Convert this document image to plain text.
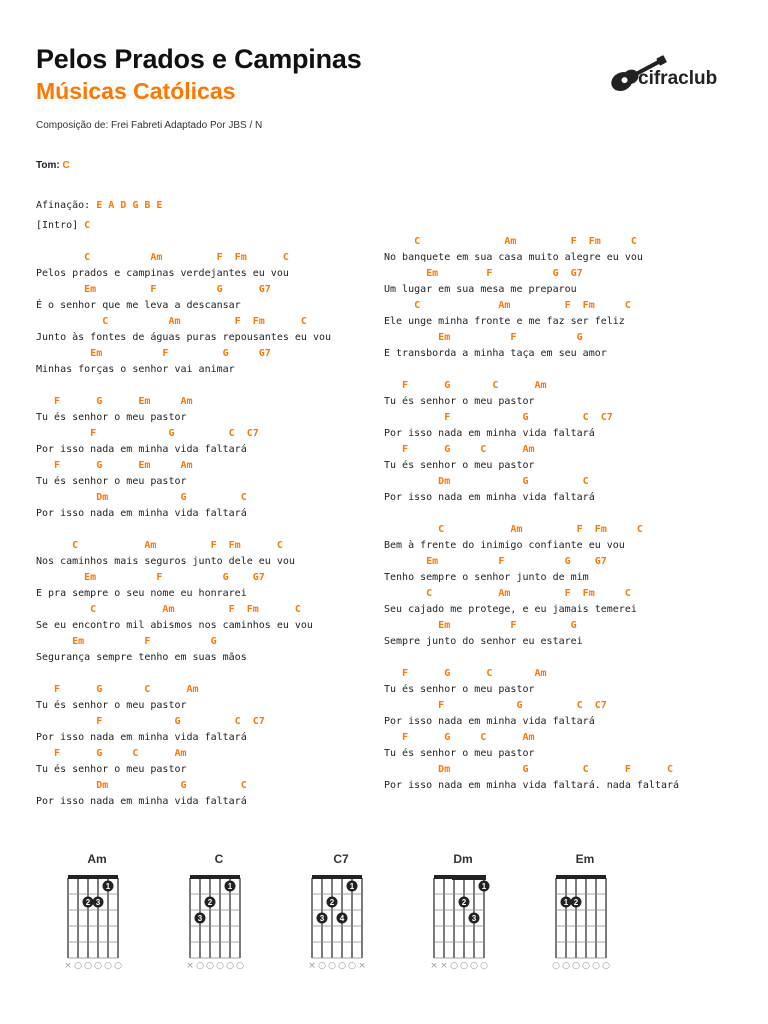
Pelos Prados e Campinas
Músicas Católicas	cifraclub
Composição de: Frei Fabreti Adaptado Por JBS / N
Tom: C
Afinação: E A D G B E
[Intro] C
C          Am         F  Fm      C
Pelos prados e campinas verdejantes eu vou
Em         F          G      G7
É o senhor que me leva a descansar
C          Am         F  Fm      C
Junto às fontes de águas puras repousantes eu vou
Em          F         G     G7
Minhas forças o senhor vai animar
F      G      Em     Am
Tu és senhor o meu pastor
F            G         C  C7
Por isso nada em minha vida faltará
F      G      Em     Am
Tu és senhor o meu pastor
Dm            G         C
Por isso nada em minha vida faltará
C           Am         F  Fm      C
Nos caminhos mais seguros junto dele eu vou
Em          F          G    G7
E pra sempre o seu nome eu honrarei
C           Am         F  Fm      C
Se eu encontro mil abismos nos caminhos eu vou
Em          F          G
Segurança sempre tenho em suas mãos
F      G       C      Am
Tu és senhor o meu pastor
F            G         C  C7
Por isso nada em minha vida faltará
F      G     C      Am
Tu és senhor o meu pastor
Dm            G         C
Por isso nada em minha vida faltará
C              Am         F  Fm     C
No banquete em sua casa muito alegre eu vou
Em        F          G  G7
Um lugar em sua mesa me preparou
C             Am         F  Fm     C
Ele unge minha fronte e me faz ser feliz
Em          F          G
E transborda a minha taça em seu amor
F      G       C      Am
Tu és senhor o meu pastor
F            G         C  C7
Por isso nada em minha vida faltará
F      G     C      Am
Tu és senhor o meu pastor
Dm            G         C
Por isso nada em minha vida faltará
C           Am         F  Fm     C
Bem à frente do inimigo confiante eu vou
Em          F          G    G7
Tenho sempre o senhor junto de mim
C           Am         F  Fm     C
Seu cajado me protege, e eu jamais temerei
Em          F         G
Sempre junto do senhor eu estarei
F      G      C       Am
Tu és senhor o meu pastor
F            G         C  C7
Por isso nada em minha vida faltará
F      G     C      Am
Tu és senhor o meu pastor
Dm            G         C      F      C
Por isso nada em minha vida faltará. nada faltará
Am
1
2 3
× ○ ○ ○ ○ ○
C
1
2
3
× ○ ○ ○ ○ ○
C7
1
2
3 4
× ○ ○ ○ ○ ×
Dm
1
2
3
× × ○ ○ ○ ○
Em
1 2
○ ○ ○ ○ ○ ○
